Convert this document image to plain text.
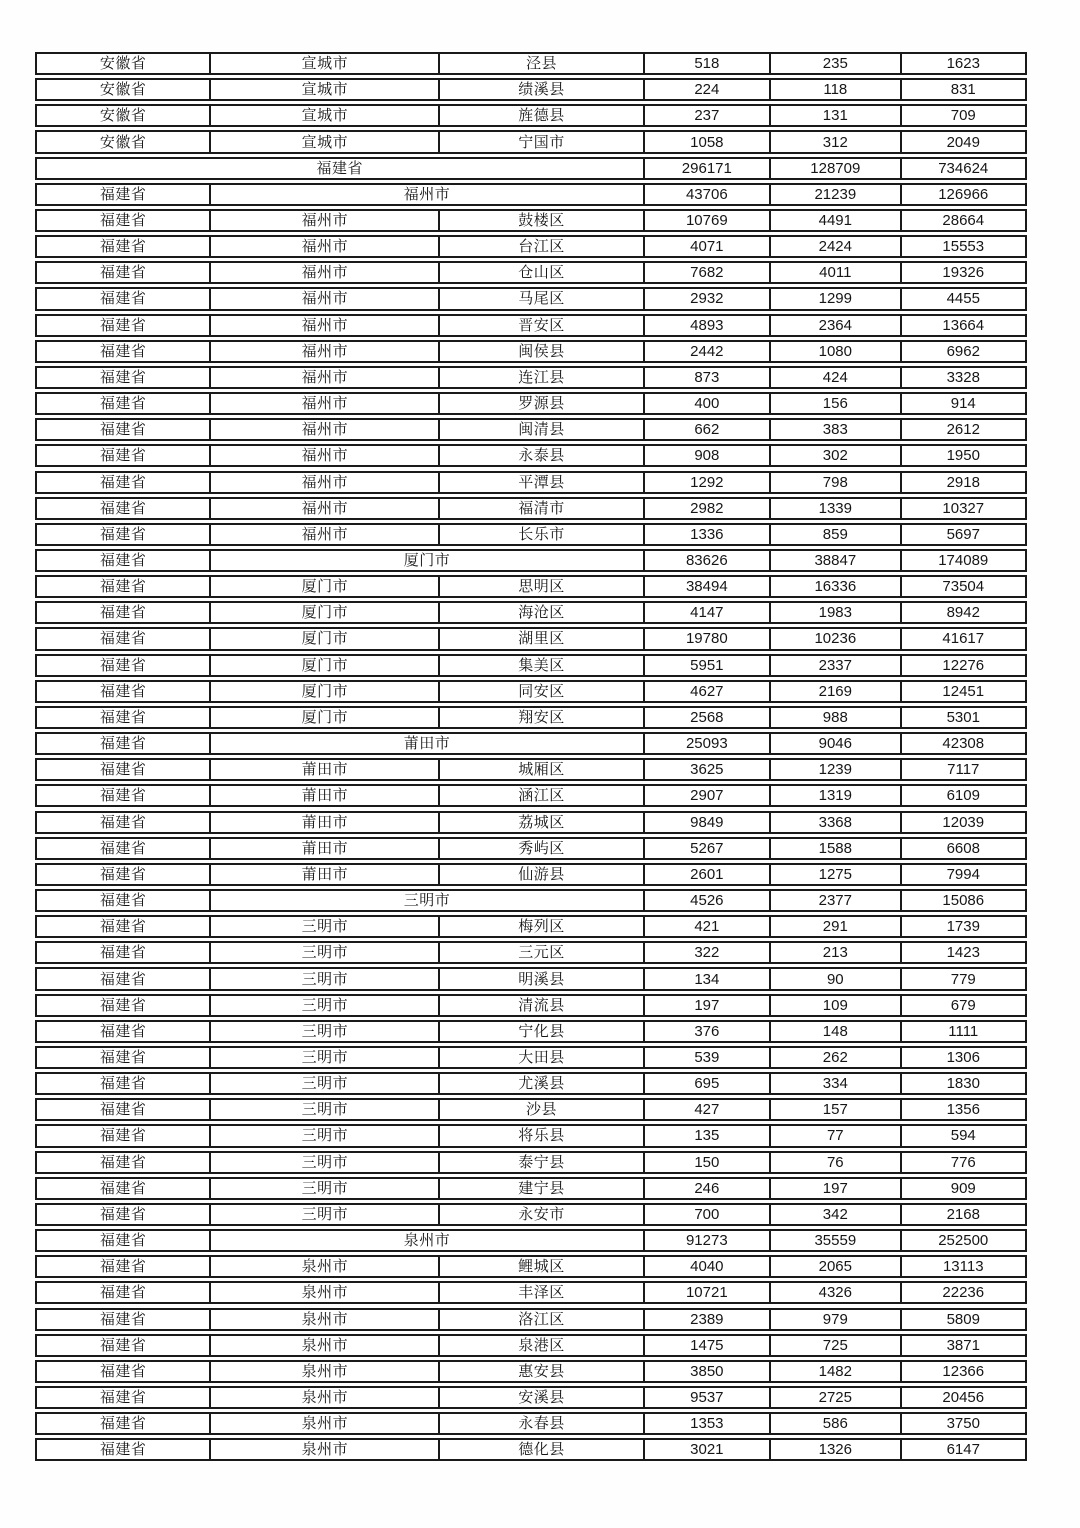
安徽省	宣城市	泾县	518	235	1623
安徽省	宣城市	绩溪县	224	118	831
安徽省	宣城市	旌德县	237	131	709
安徽省	宣城市	宁国市	1058	312	2049
福建省	296171	128709	734624
福建省	福州市	43706	21239	126966
福建省	福州市	鼓楼区	10769	4491	28664
福建省	福州市	台江区	4071	2424	15553
福建省	福州市	仓山区	7682	4011	19326
福建省	福州市	马尾区	2932	1299	4455
福建省	福州市	晋安区	4893	2364	13664
福建省	福州市	闽侯县	2442	1080	6962
福建省	福州市	连江县	873	424	3328
福建省	福州市	罗源县	400	156	914
福建省	福州市	闽清县	662	383	2612
福建省	福州市	永泰县	908	302	1950
福建省	福州市	平潭县	1292	798	2918
福建省	福州市	福清市	2982	1339	10327
福建省	福州市	长乐市	1336	859	5697
福建省	厦门市	83626	38847	174089
福建省	厦门市	思明区	38494	16336	73504
福建省	厦门市	海沧区	4147	1983	8942
福建省	厦门市	湖里区	19780	10236	41617
福建省	厦门市	集美区	5951	2337	12276
福建省	厦门市	同安区	4627	2169	12451
福建省	厦门市	翔安区	2568	988	5301
福建省	莆田市	25093	9046	42308
福建省	莆田市	城厢区	3625	1239	7117
福建省	莆田市	涵江区	2907	1319	6109
福建省	莆田市	荔城区	9849	3368	12039
福建省	莆田市	秀屿区	5267	1588	6608
福建省	莆田市	仙游县	2601	1275	7994
福建省	三明市	4526	2377	15086
福建省	三明市	梅列区	421	291	1739
福建省	三明市	三元区	322	213	1423
福建省	三明市	明溪县	134	90	779
福建省	三明市	清流县	197	109	679
福建省	三明市	宁化县	376	148	1111
福建省	三明市	大田县	539	262	1306
福建省	三明市	尤溪县	695	334	1830
福建省	三明市	沙县	427	157	1356
福建省	三明市	将乐县	135	77	594
福建省	三明市	泰宁县	150	76	776
福建省	三明市	建宁县	246	197	909
福建省	三明市	永安市	700	342	2168
福建省	泉州市	91273	35559	252500
福建省	泉州市	鲤城区	4040	2065	13113
福建省	泉州市	丰泽区	10721	4326	22236
福建省	泉州市	洛江区	2389	979	5809
福建省	泉州市	泉港区	1475	725	3871
福建省	泉州市	惠安县	3850	1482	12366
福建省	泉州市	安溪县	9537	2725	20456
福建省	泉州市	永春县	1353	586	3750
福建省	泉州市	德化县	3021	1326	6147
